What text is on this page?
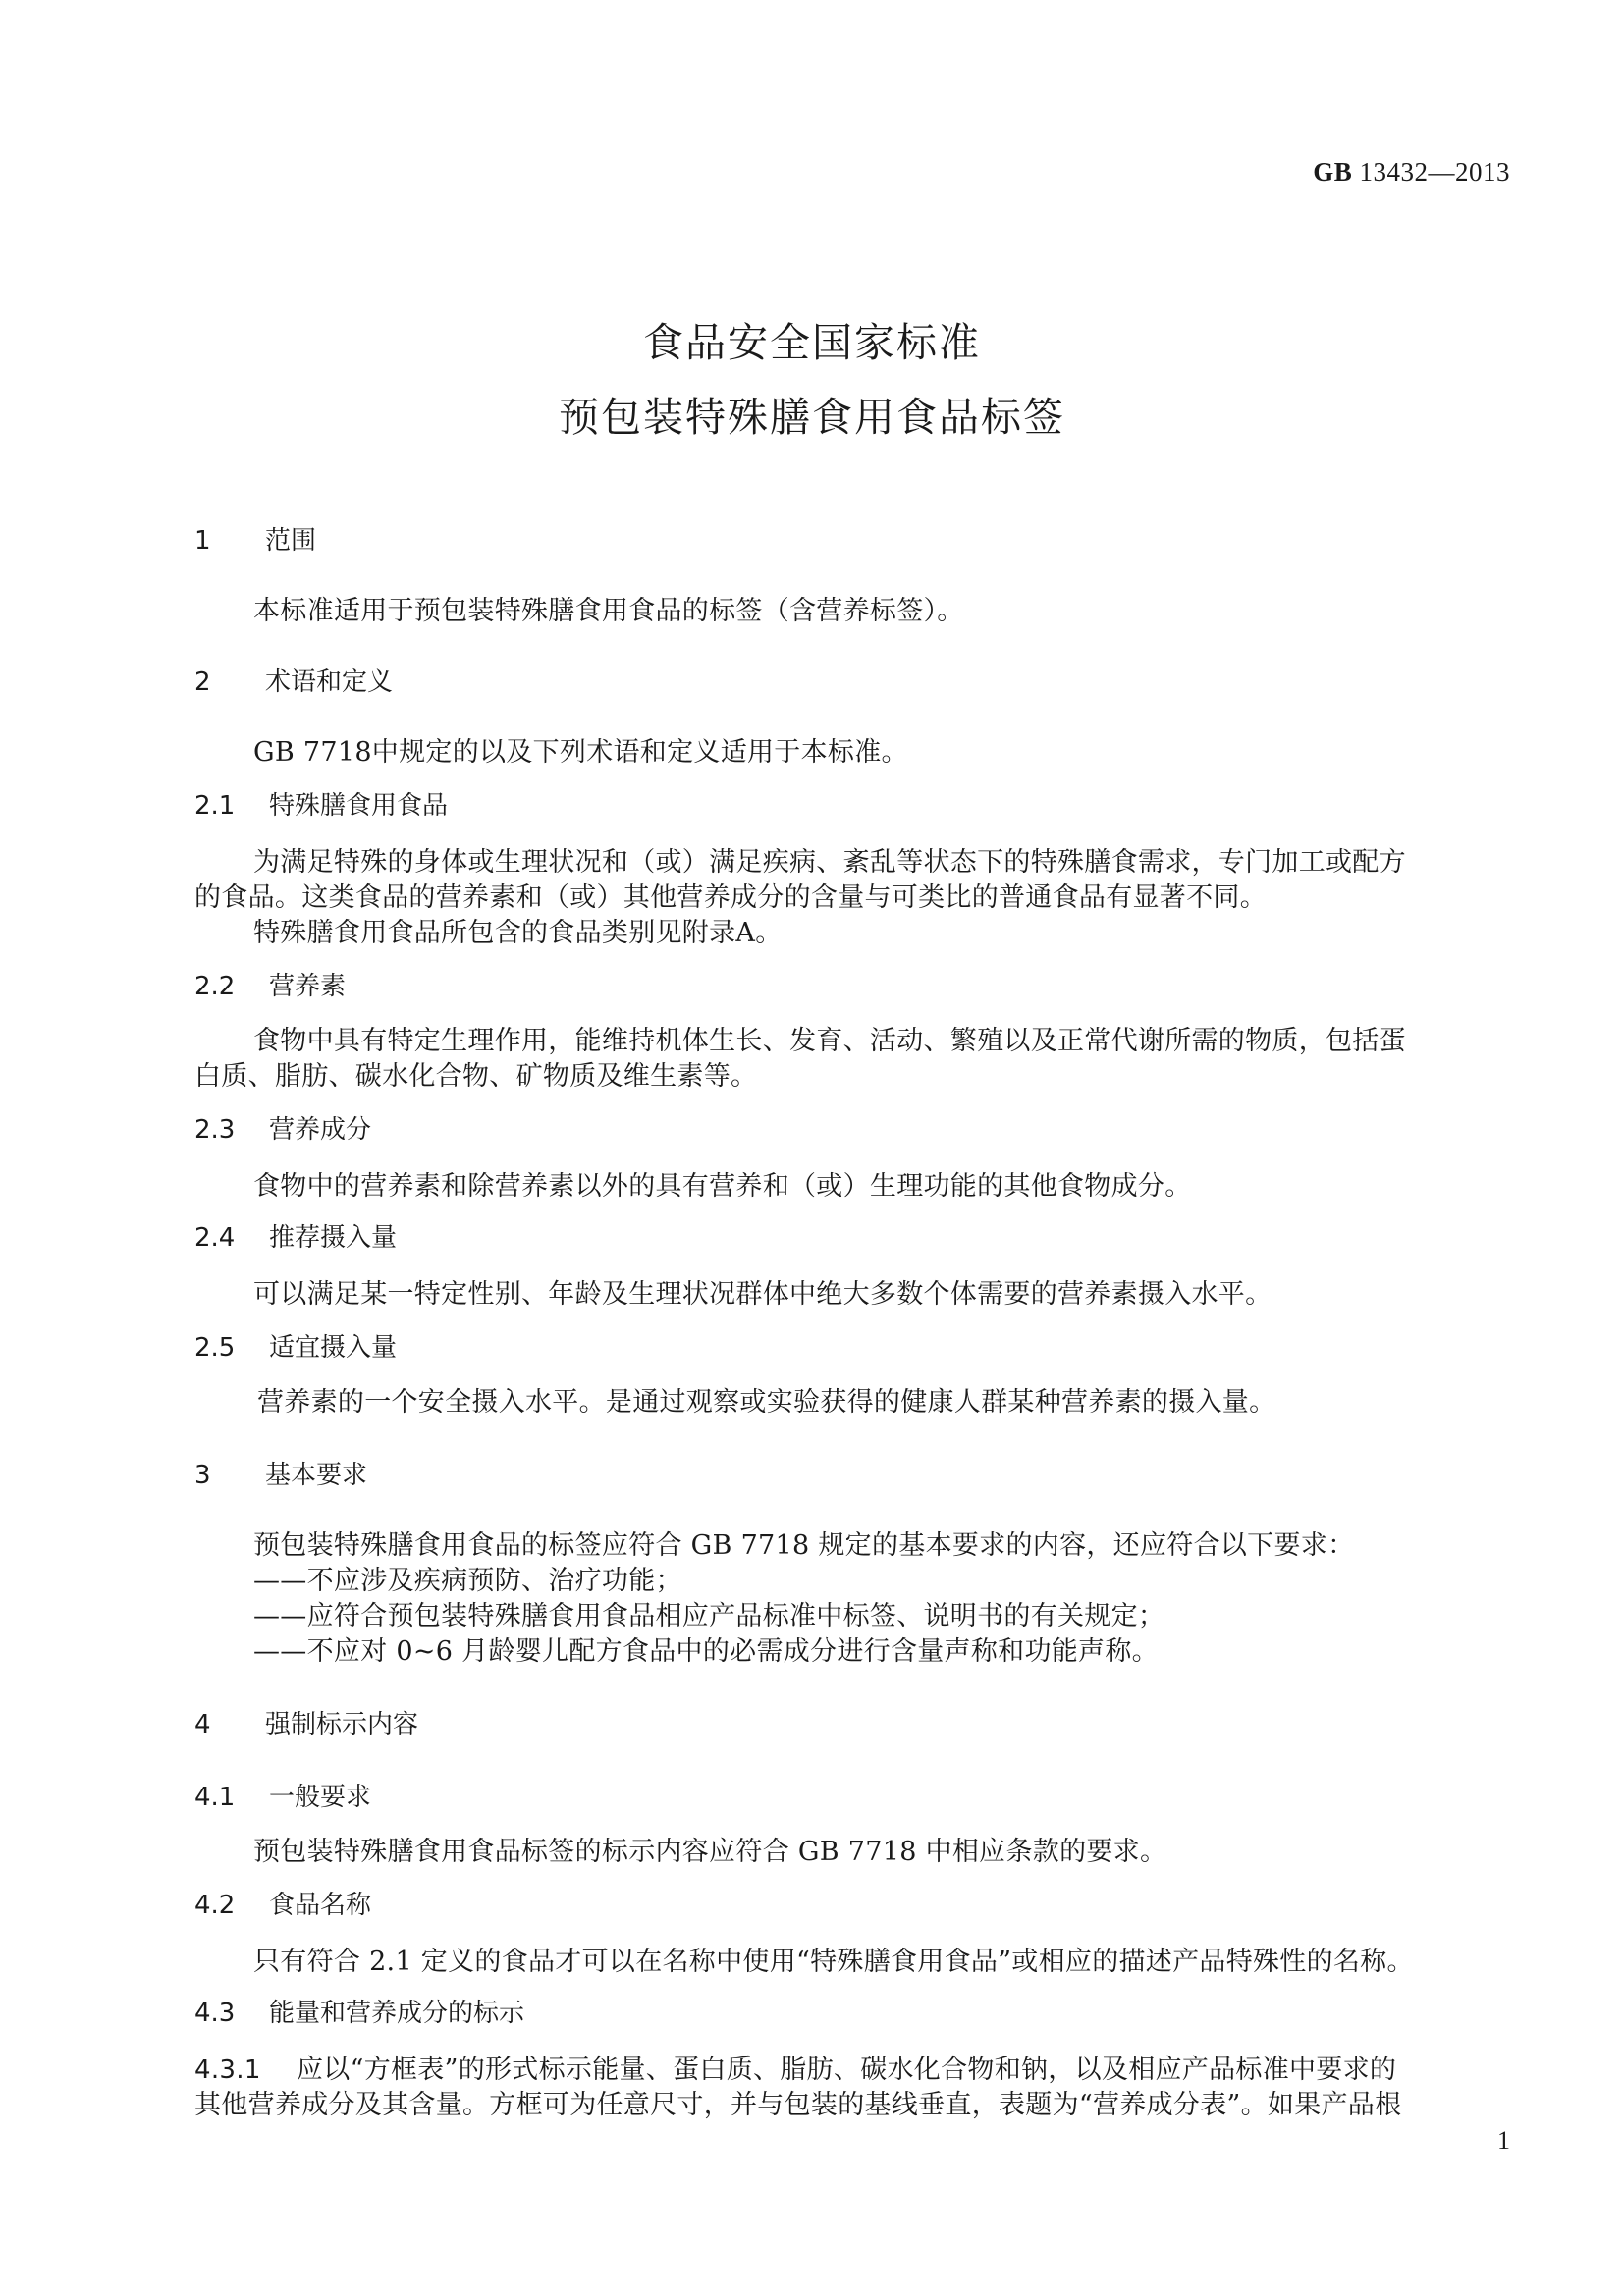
GB 13432—2013
食品安全国家标准
预包装特殊膳食用食品标签
1 范围
本标准适用于预包装特殊膳食用食品的标签（含营养标签）。
2 术语和定义
GB 7718中规定的以及下列术语和定义适用于本标准。
2.1 特殊膳食用食品
为满足特殊的身体或生理状况和（或）满足疾病、紊乱等状态下的特殊膳食需求，专门加工或配方
的食品。这类食品的营养素和（或）其他营养成分的含量与可类比的普通食品有显著不同。
特殊膳食用食品所包含的食品类别见附录A。
2.2 营养素
食物中具有特定生理作用，能维持机体生长、发育、活动、繁殖以及正常代谢所需的物质，包括蛋
白质、脂肪、碳水化合物、矿物质及维生素等。
2.3 营养成分
食物中的营养素和除营养素以外的具有营养和（或）生理功能的其他食物成分。
2.4 推荐摄入量
可以满足某一特定性别、年龄及生理状况群体中绝大多数个体需要的营养素摄入水平。
2.5 适宜摄入量
营养素的一个安全摄入水平。是通过观察或实验获得的健康人群某种营养素的摄入量。
3 基本要求
预包装特殊膳食用食品的标签应符合 GB 7718 规定的基本要求的内容，还应符合以下要求：
——不应涉及疾病预防、治疗功能；
——应符合预包装特殊膳食用食品相应产品标准中标签、说明书的有关规定；
——不应对 0~6 月龄婴儿配方食品中的必需成分进行含量声称和功能声称。
4 强制标示内容
4.1 一般要求
预包装特殊膳食用食品标签的标示内容应符合 GB 7718 中相应条款的要求。
4.2 食品名称
只有符合 2.1 定义的食品才可以在名称中使用“特殊膳食用食品”或相应的描述产品特殊性的名称。
4.3 能量和营养成分的标示
4.3.1 应以“方框表”的形式标示能量、蛋白质、脂肪、碳水化合物和钠，以及相应产品标准中要求的
其他营养成分及其含量。方框可为任意尺寸，并与包装的基线垂直，表题为“营养成分表”。如果产品根
1
